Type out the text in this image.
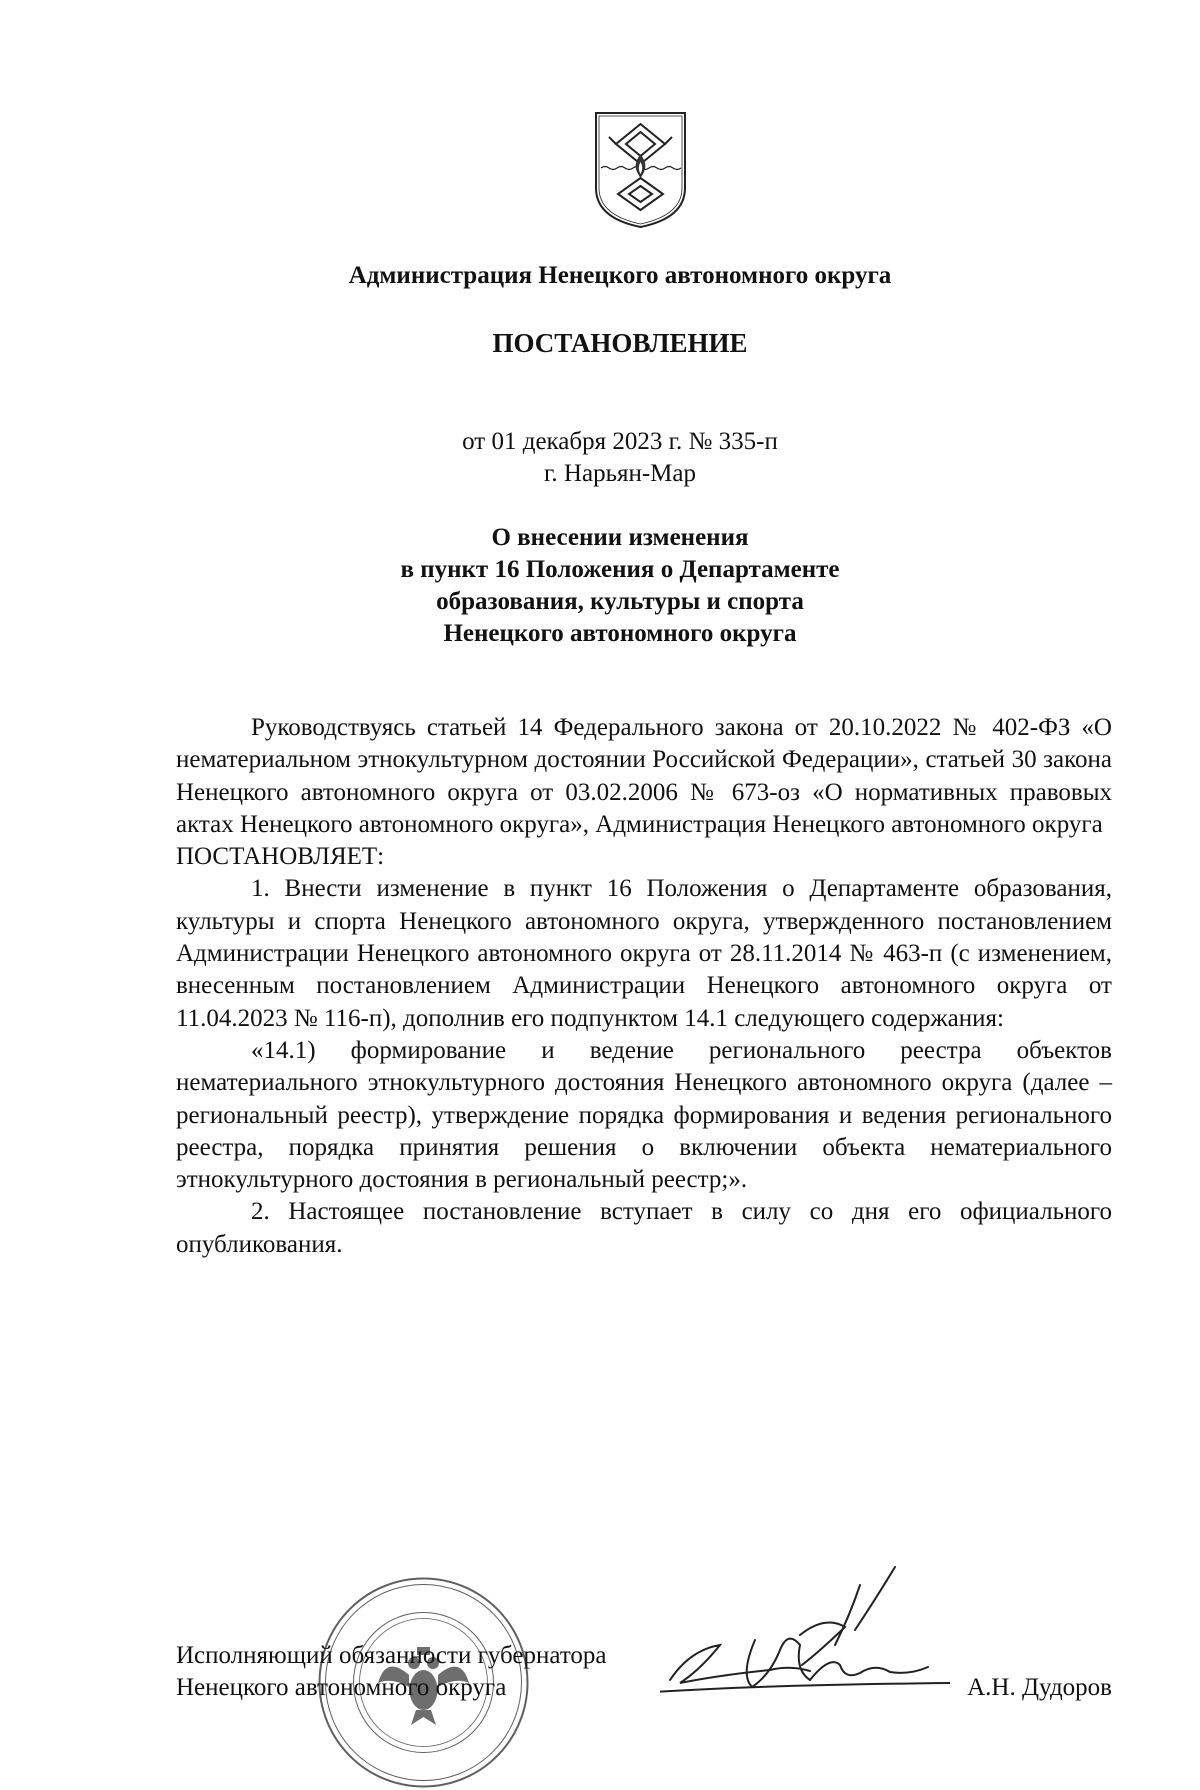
Администрация Ненецкого автономного округа
ПОСТАНОВЛЕНИЕ
от 01 декабря 2023 г. № 335-п
г. Нарьян-Мар
О внесении изменения
в пункт 16 Положения о Департаменте
образования, культуры и спорта
Ненецкого автономного округа

Руководствуясь статьей 14 Федерального закона от 20.10.2022 № 402-ФЗ «О нематериальном этнокультурном достоянии Российской Федерации», статьей 30 закона Ненецкого автономного округа от 03.02.2006 № 673-оз «О нормативных правовых актах Ненецкого автономного округа», Администрация Ненецкого автономного округа

ПОСТАНОВЛЯЕТ:

1. Внести изменение в пункт 16 Положения о Департаменте образования, культуры и спорта Ненецкого автономного округа, утвержденного постановлением Администрации Ненецкого автономного округа от 28.11.2014 № 463-п (с изменением, внесенным постановлением Администрации Ненецкого автономного округа от 11.04.2023 № 116-п), дополнив его подпунктом 14.1 следующего содержания:

«14.1) формирование и ведение регионального реестра объектов нематериального этнокультурного достояния Ненецкого автономного округа (далее – региональный реестр), утверждение порядка формирования и ведения регионального реестра, порядка принятия решения о включении объекта нематериального этнокультурного достояния в региональный реестр;».

2. Настоящее постановление вступает в силу со дня его официального опубликования.

Исполняющий обязанности губернатора
Ненецкого автономного округа	А.Н. Дудоров
